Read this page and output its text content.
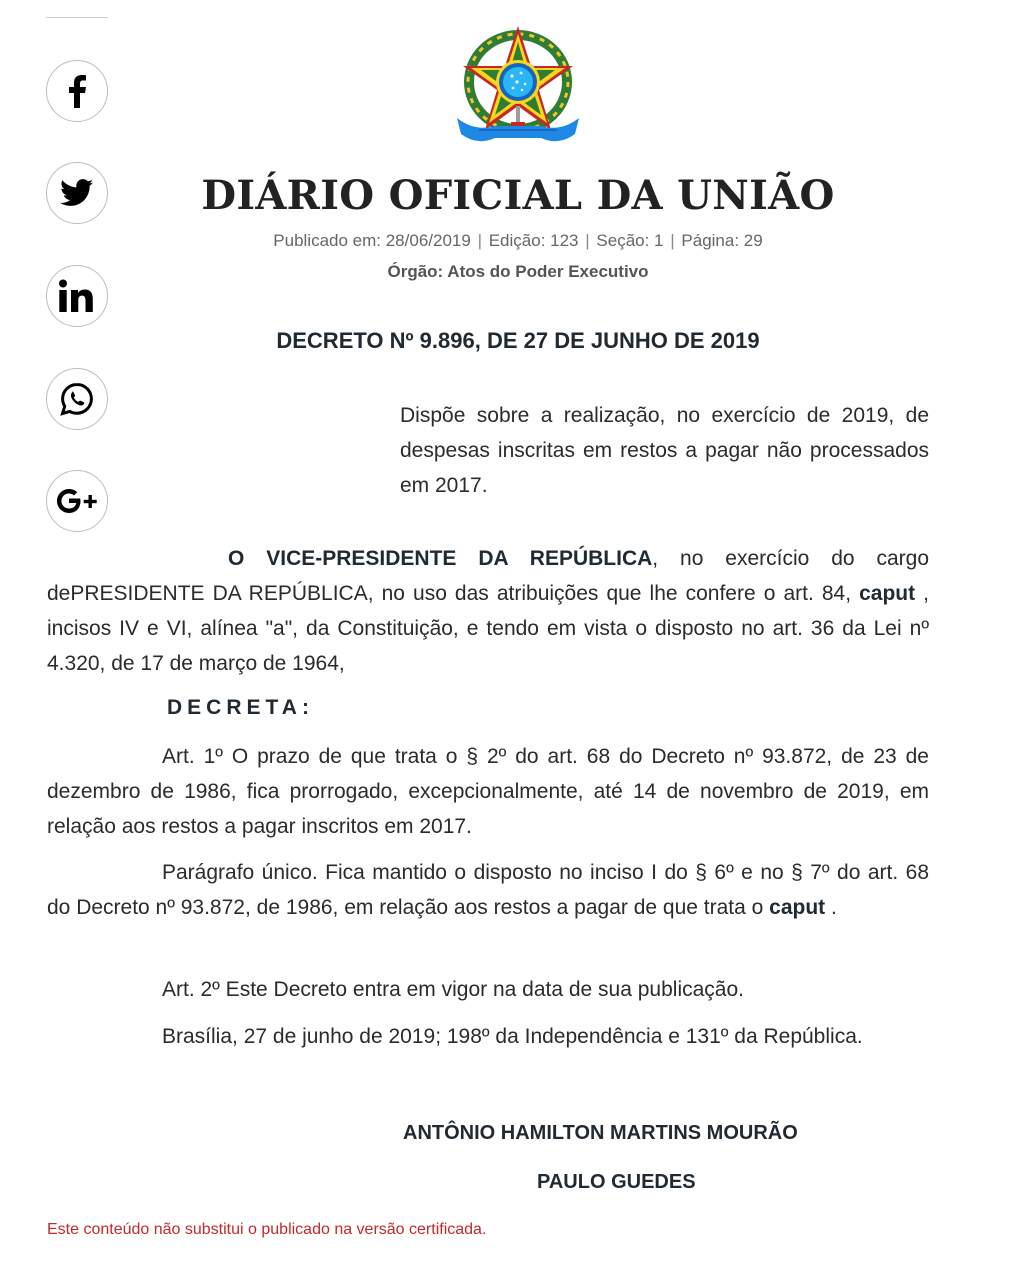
DIÁRIO OFICIAL DA UNIÃO
Publicado em: 28/06/2019 | Edição: 123 | Seção: 1 | Página: 29
Órgão: Atos do Poder Executivo
DECRETO Nº 9.896, DE 27 DE JUNHO DE 2019
Dispõe sobre a realização, no exercício de 2019, de despesas inscritas em restos a pagar não processados em 2017.
O VICE-PRESIDENTE DA REPÚBLICA, no exercício do cargo dePRESIDENTE DA REPÚBLICA, no uso das atribuições que lhe confere o art. 84, caput , incisos IV e VI, alínea "a", da Constituição, e tendo em vista o disposto no art. 36 da Lei nº 4.320, de 17 de março de 1964,
DECRETA:
Art. 1º O prazo de que trata o § 2º do art. 68 do Decreto nº 93.872, de 23 de dezembro de 1986, fica prorrogado, excepcionalmente, até 14 de novembro de 2019, em relação aos restos a pagar inscritos em 2017.
Parágrafo único. Fica mantido o disposto no inciso I do § 6º e no § 7º do art. 68 do Decreto nº 93.872, de 1986, em relação aos restos a pagar de que trata o caput .
Art. 2º Este Decreto entra em vigor na data de sua publicação.
Brasília, 27 de junho de 2019; 198º da Independência e 131º da República.
ANTÔNIO HAMILTON MARTINS MOURÃO
PAULO GUEDES
Este conteúdo não substitui o publicado na versão certificada.
